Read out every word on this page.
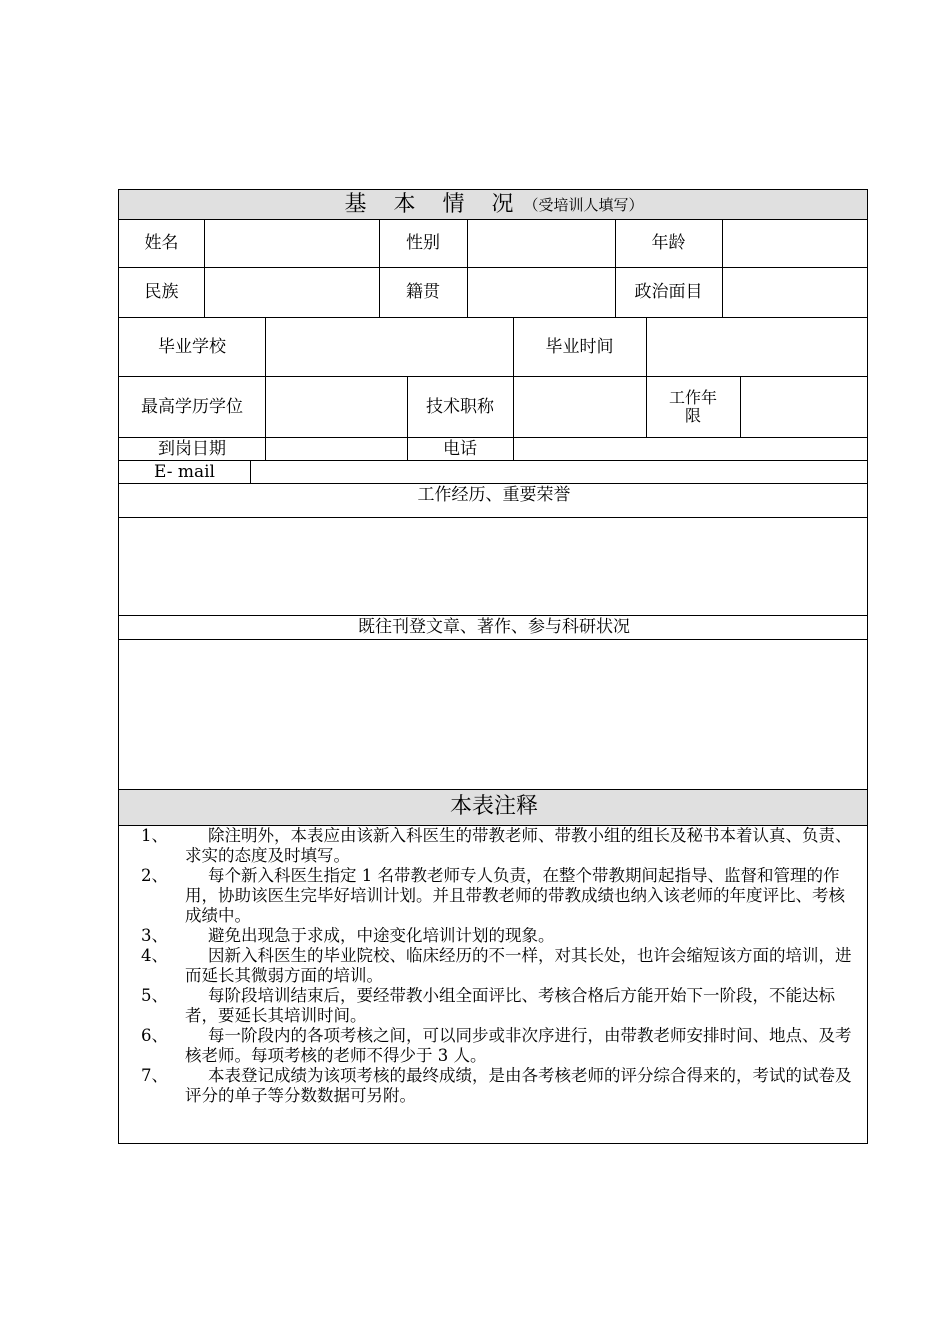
基 本 情 况 （受培训人填写）
姓名	性别	年龄
民族	籍贯	政治面目
毕业学校	毕业时间
最高学历学位	技术职称	工作年限
到岗日期	电话
E- mail
工作经历、重要荣誉
既往刊登文章、著作、参与科研状况
本表注释
1、	除注明外，本表应由该新入科医生的带教老师、带教小组的组长及秘书本着认真、负责、求实的态度及时填写。
2、	每个新入科医生指定 1 名带教老师专人负责，在整个带教期间起指导、监督和管理的作用，协助该医生完毕好培训计划。并且带教老师的带教成绩也纳入该老师的年度评比、考核成绩中。
3、	避免出现急于求成，中途变化培训计划的现象。
4、	因新入科医生的毕业院校、临床经历的不一样，对其长处，也许会缩短该方面的培训，进而延长其微弱方面的培训。
5、	每阶段培训结束后，要经带教小组全面评比、考核合格后方能开始下一阶段，不能达标者，要延长其培训时间。
6、	每一阶段内的各项考核之间，可以同步或非次序进行，由带教老师安排时间、地点、及考核老师。每项考核的老师不得少于 3 人。
7、	本表登记成绩为该项考核的最终成绩，是由各考核老师的评分综合得来的，考试的试卷及评分的单子等分数数据可另附。
